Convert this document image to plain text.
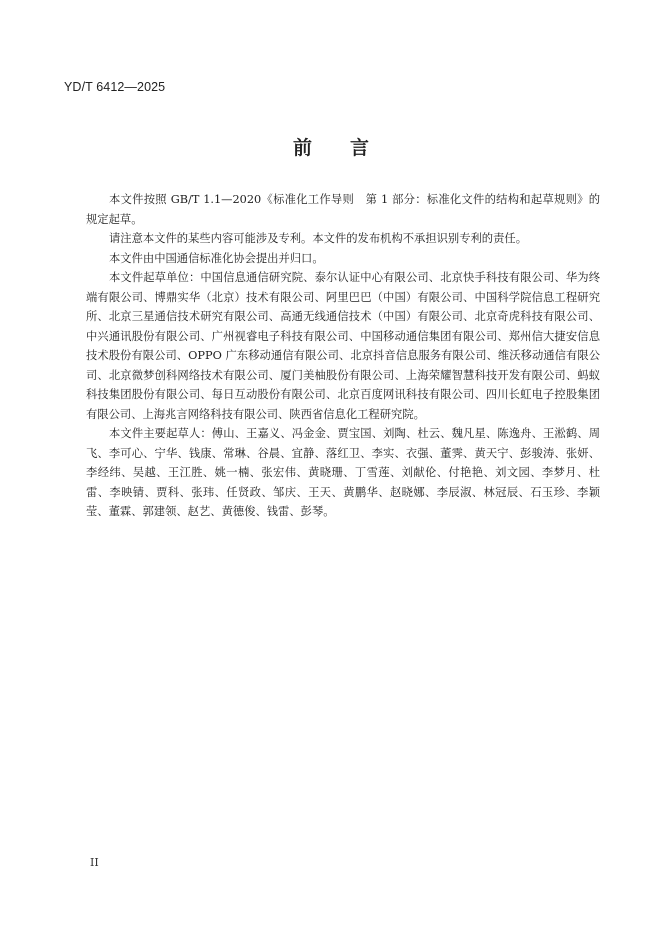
YD/T 6412—2025
前 言

本文件按照 GB/T 1.1—2020《标准化工作导则　第 1 部分：标准化文件的结构和起草规则》的规定起草。

请注意本文件的某些内容可能涉及专利。本文件的发布机构不承担识别专利的责任。

本文件由中国通信标准化协会提出并归口。

本文件起草单位：中国信息通信研究院、泰尔认证中心有限公司、北京快手科技有限公司、华为终端有限公司、博鼎实华（北京）技术有限公司、阿里巴巴（中国）有限公司、中国科学院信息工程研究所、北京三星通信技术研究有限公司、高通无线通信技术（中国）有限公司、北京奇虎科技有限公司、中兴通讯股份有限公司、广州视睿电子科技有限公司、中国移动通信集团有限公司、郑州信大捷安信息技术股份有限公司、OPPO 广东移动通信有限公司、北京抖音信息服务有限公司、维沃移动通信有限公司、北京微梦创科网络技术有限公司、厦门美柚股份有限公司、上海荣耀智慧科技开发有限公司、蚂蚁科技集团股份有限公司、每日互动股份有限公司、北京百度网讯科技有限公司、四川长虹电子控股集团有限公司、上海兆言网络科技有限公司、陕西省信息化工程研究院。

本文件主要起草人：傅山、王嘉义、冯金金、贾宝国、刘陶、杜云、魏凡星、陈逸舟、王淞鹤、周飞、李可心、宁华、钱康、常琳、谷晨、宜静、落红卫、李实、衣强、董霁、黄天宁、彭骏涛、张妍、李经纬、吴越、王江胜、姚一楠、张宏伟、黄晓珊、丁雪莲、刘献伦、付艳艳、刘文园、李梦月、杜雷、李映锖、贾科、张玮、任贤政、邹庆、王天、黄鹏华、赵晓娜、李辰淑、林冠辰、石玉珍、李颖莹、董霖、郭建领、赵艺、黄德俊、钱雷、彭琴。

II
